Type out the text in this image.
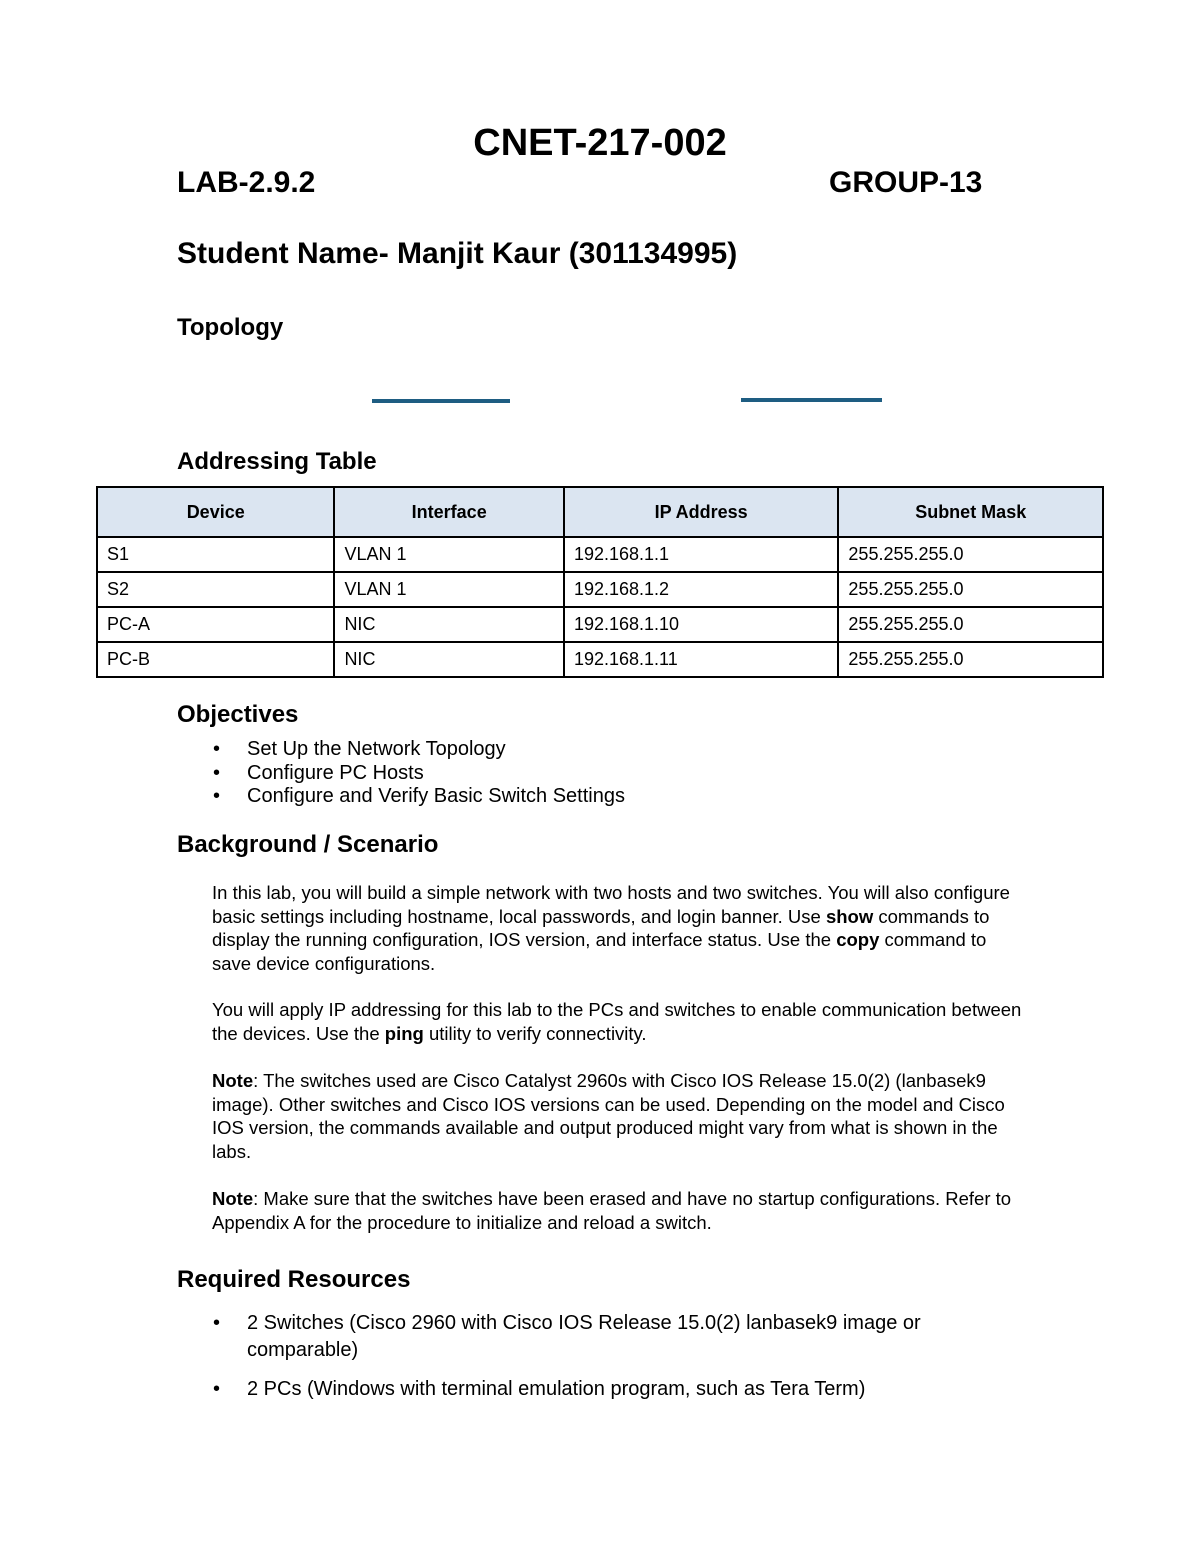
CNET-217-002
LAB-2.9.2	GROUP-13
Student Name- Manjit Kaur (301134995)
Topology
Addressing Table
Device	Interface	IP Address	Subnet Mask
S1	VLAN 1	192.168.1.1	255.255.255.0
S2	VLAN 1	192.168.1.2	255.255.255.0
PC-A	NIC	192.168.1.10	255.255.255.0
PC-B	NIC	192.168.1.11	255.255.255.0
Objectives
• Set Up the Network Topology
• Configure PC Hosts
• Configure and Verify Basic Switch Settings
Background / Scenario

In this lab, you will build a simple network with two hosts and two switches. You will also configure basic settings including hostname, local passwords, and login banner. Use show commands to display the running configuration, IOS version, and interface status. Use the copy command to save device configurations.

You will apply IP addressing for this lab to the PCs and switches to enable communication between the devices. Use the ping utility to verify connectivity.

Note: The switches used are Cisco Catalyst 2960s with Cisco IOS Release 15.0(2) (lanbasek9 image). Other switches and Cisco IOS versions can be used. Depending on the model and Cisco IOS version, the commands available and output produced might vary from what is shown in the labs.

Note: Make sure that the switches have been erased and have no startup configurations. Refer to Appendix A for the procedure to initialize and reload a switch.

Required Resources
• 2 Switches (Cisco 2960 with Cisco IOS Release 15.0(2) lanbasek9 image or comparable)
• 2 PCs (Windows with terminal emulation program, such as Tera Term)
